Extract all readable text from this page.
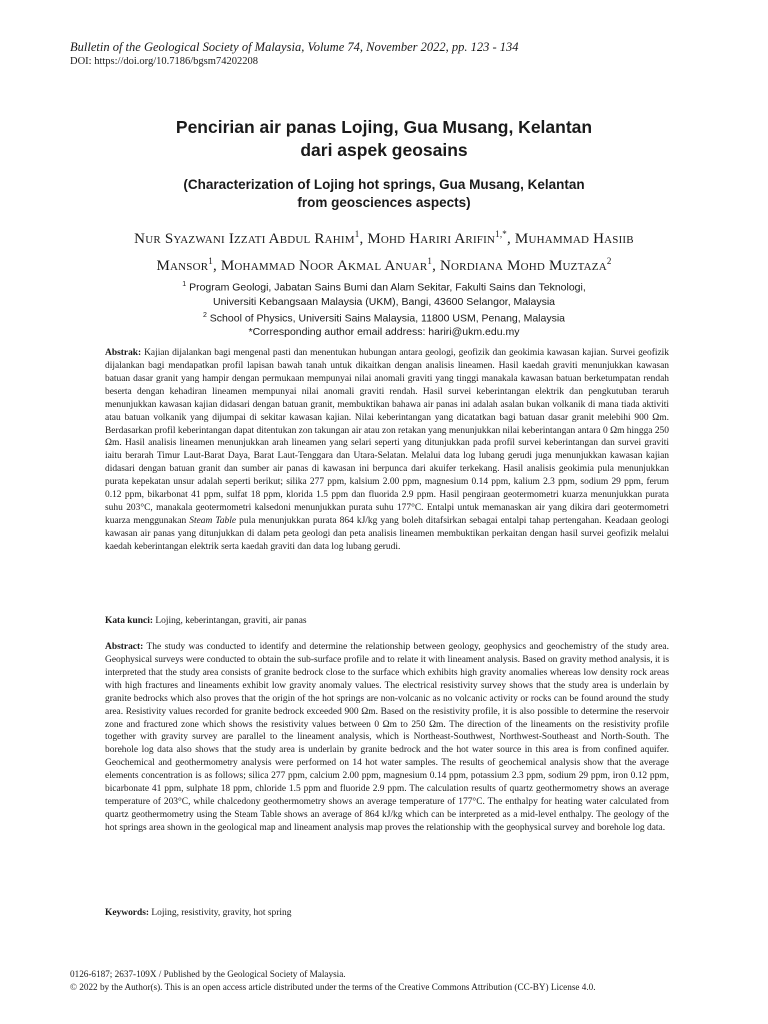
Bulletin of the Geological Society of Malaysia, Volume 74, November 2022, pp. 123 - 134
DOI: https://doi.org/10.7186/bgsm74202208
Pencirian air panas Lojing, Gua Musang, Kelantan
dari aspek geosains
(Characterization of Lojing hot springs, Gua Musang, Kelantan
from geosciences aspects)
Nur Syazwani Izzati Abdul Rahim$^1$, Mohd Hariri Arifin$^{1,*}$, Muhammad Hasiib
Mansor$^1$, Mohammad Noor Akmal Anuar$^1$, Nordiana Mohd Muztaza$^2$
$^1$ Program Geologi, Jabatan Sains Bumi dan Alam Sekitar, Fakulti Sains dan Teknologi,
Universiti Kebangsaan Malaysia (UKM), Bangi, 43600 Selangor, Malaysia
$^2$ School of Physics, Universiti Sains Malaysia, 11800 USM, Penang, Malaysia
*Corresponding author email address: hariri@ukm.edu.my
Abstrak: Kajian dijalankan bagi mengenal pasti dan menentukan hubungan antara geologi, geofizik dan geokimia kawasan kajian. Survei geofizik dijalankan bagi mendapatkan profil lapisan bawah tanah untuk dikaitkan dengan analisis lineamen. Hasil kaedah graviti menunjukkan kawasan batuan dasar granit yang hampir dengan permukaan mempunyai nilai anomali graviti yang tinggi manakala kawasan batuan berketumpatan rendah beserta dengan kehadiran lineamen mempunyai nilai anomali graviti rendah. Hasil survei keberintangan elektrik dan pengkutuban teraruh menunjukkan kawasan kajian didasari dengan batuan granit, membuktikan bahawa air panas ini adalah asalan bukan volkanik di mana tiada aktiviti atau batuan volkanik yang dijumpai di sekitar kawasan kajian. Nilai keberintangan yang dicatatkan bagi batuan dasar granit melebihi 900 Ωm. Berdasarkan profil keberintangan dapat ditentukan zon takungan air atau zon retakan yang menunjukkan nilai keberintangan antara 0 Ωm hingga 250 Ωm. Hasil analisis lineamen menunjukkan arah lineamen yang selari seperti yang ditunjukkan pada profil survei keberintangan dan survei graviti iaitu berarah Timur Laut-Barat Daya, Barat Laut-Tenggara dan Utara-Selatan. Melalui data log lubang gerudi juga menunjukkan kawasan kajian didasari dengan batuan granit dan sumber air panas di kawasan ini berpunca dari akuifer terkekang. Hasil analisis geokimia pula menunjukkan purata kepekatan unsur adalah seperti berikut; silika 277 ppm, kalsium 2.00 ppm, magnesium 0.14 ppm, kalium 2.3 ppm, sodium 29 ppm, ferum 0.12 ppm, bikarbonat 41 ppm, sulfat 18 ppm, klorida 1.5 ppm dan fluorida 2.9 ppm. Hasil pengiraan geotermometri kuarza menunjukkan purata suhu 203°C, manakala geotermometri kalsedoni menunjukkan purata suhu 177°C. Entalpi untuk memanaskan air yang dikira dari geotermometri kuarza menggunakan Steam Table pula menunjukkan purata 864 kJ/kg yang boleh ditafsirkan sebagai entalpi tahap pertengahan. Keadaan geologi kawasan air panas yang ditunjukkan di dalam peta geologi dan peta analisis lineamen membuktikan perkaitan dengan hasil survei geofizik melalui kaedah keberintangan elektrik serta kaedah graviti dan data log lubang gerudi.
Kata kunci: Lojing, keberintangan, graviti, air panas
Abstract: The study was conducted to identify and determine the relationship between geology, geophysics and geochemistry of the study area. Geophysical surveys were conducted to obtain the sub-surface profile and to relate it with lineament analysis. Based on gravity method analysis, it is interpreted that the study area consists of granite bedrock close to the surface which exhibits high gravity anomalies whereas low density rock areas with high fractures and lineaments exhibit low gravity anomaly values. The electrical resistivity survey shows that the study area is underlain by granite bedrocks which also proves that the origin of the hot springs are non-volcanic as no volcanic activity or rocks can be found around the study area. Resistivity values recorded for granite bedrock exceeded 900 Ωm. Based on the resistivity profile, it is also possible to determine the reservoir zone and fractured zone which shows the resistivity values between 0 Ωm to 250 Ωm. The direction of the lineaments on the resistivity profile together with gravity survey are parallel to the lineament analysis, which is Northeast-Southwest, Northwest-Southeast and North-South. The borehole log data also shows that the study area is underlain by granite bedrock and the hot water source in this area is from confined aquifer. Geochemical and geothermometry analysis were performed on 14 hot water samples. The results of geochemical analysis show that the average elements concentration is as follows; silica 277 ppm, calcium 2.00 ppm, magnesium 0.14 ppm, potassium 2.3 ppm, sodium 29 ppm, iron 0.12 ppm, bicarbonate 41 ppm, sulphate 18 ppm, chloride 1.5 ppm and fluoride 2.9 ppm. The calculation results of quartz geothermometry shows an average temperature of 203°C, while chalcedony geothermometry shows an average temperature of 177°C. The enthalpy for heating water calculated from quartz geothermometry using the Steam Table shows an average of 864 kJ/kg which can be interpreted as a mid-level enthalpy. The geology of the hot springs area shown in the geological map and lineament analysis map proves the relationship with the geophysical survey and borehole log data.
Keywords: Lojing, resistivity, gravity, hot spring
0126-6187; 2637-109X / Published by the Geological Society of Malaysia.
© 2022 by the Author(s). This is an open access article distributed under the terms of the Creative Commons Attribution (CC-BY) License 4.0.
